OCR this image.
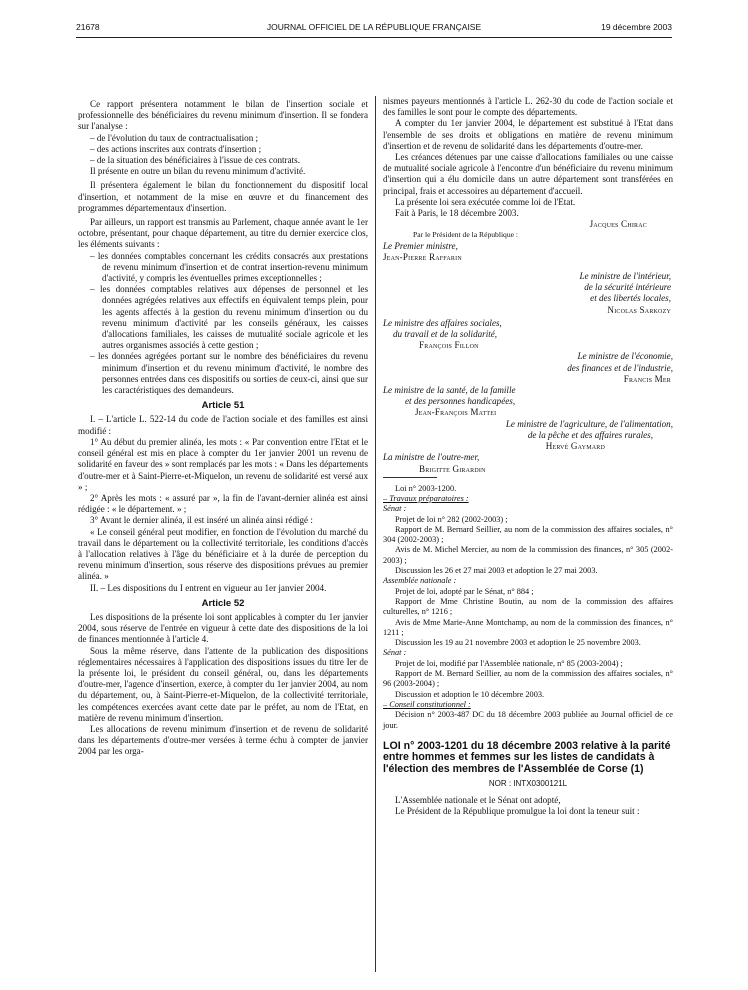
21678	JOURNAL OFFICIEL DE LA RÉPUBLIQUE FRANÇAISE	19 décembre 2003

Ce rapport présentera notamment le bilan de l'insertion sociale et professionnelle des bénéficiaires du revenu minimum d'insertion. Il se fondera sur l'analyse :

– de l'évolution du taux de contractualisation ;

– des actions inscrites aux contrats d'insertion ;

– de la situation des bénéficiaires à l'issue de ces contrats.

Il présente en outre un bilan du revenu minimum d'activité.

Il présentera également le bilan du fonctionnement du dispositif local d'insertion, et notamment de la mise en œuvre et du financement des programmes départementaux d'insertion.

Par ailleurs, un rapport est transmis au Parlement, chaque année avant le 1er octobre, présentant, pour chaque département, au titre du dernier exercice clos, les éléments suivants :

– les données comptables concernant les crédits consacrés aux prestations de revenu minimum d'insertion et de contrat insertion-revenu minimum d'activité, y compris les éventuelles primes exceptionnelles ;

– les données comptables relatives aux dépenses de personnel et les données agrégées relatives aux effectifs en équivalent temps plein, pour les agents affectés à la gestion du revenu minimum d'insertion ou du revenu minimum d'activité par les conseils généraux, les caisses d'allocations familiales, les caisses de mutualité sociale agricole et les autres organismes associés à cette gestion ;

– les données agrégées portant sur le nombre des bénéficiaires du revenu minimum d'insertion et du revenu minimum d'activité, le nombre des personnes entrées dans ces dispositifs ou sorties de ceux-ci, ainsi que sur les caractéristiques des demandeurs.

Article 51

I. – L'article L. 522-14 du code de l'action sociale et des familles est ainsi modifié :

1° Au début du premier alinéa, les mots : « Par convention entre l'Etat et le conseil général est mis en place à compter du 1er janvier 2001 un revenu de solidarité en faveur des » sont remplacés par les mots : « Dans les départements d'outre-mer et à Saint-Pierre-et-Miquelon, un revenu de solidarité est versé aux » ;

2° Après les mots : « assuré par », la fin de l'avant-dernier alinéa est ainsi rédigée : « le département. » ;

3° Avant le dernier alinéa, il est inséré un alinéa ainsi rédigé :

« Le conseil général peut modifier, en fonction de l'évolution du marché du travail dans le département ou la collectivité territoriale, les conditions d'accès à l'allocation relatives à l'âge du bénéficiaire et à la durée de perception du revenu minimum d'insertion, sous réserve des dispositions prévues au premier alinéa. »

II. – Les dispositions du I entrent en vigueur au 1er janvier 2004.

Article 52

Les dispositions de la présente loi sont applicables à compter du 1er janvier 2004, sous réserve de l'entrée en vigueur à cette date des dispositions de la loi de finances mentionnée à l'article 4.

Sous la même réserve, dans l'attente de la publication des dispositions réglementaires nécessaires à l'application des dispositions issues du titre Ier de la présente loi, le président du conseil général, ou, dans les départements d'outre-mer, l'agence d'insertion, exerce, à compter du 1er janvier 2004, au nom du département, ou, à Saint-Pierre-et-Miquelon, de la collectivité territoriale, les compétences exercées avant cette date par le préfet, au nom de l'Etat, en matière de revenu minimum d'insertion.

Les allocations de revenu minimum d'insertion et de revenu de solidarité dans les départements d'outre-mer versées à terme échu à compter de janvier 2004 par les orga-

nismes payeurs mentionnés à l'article L. 262-30 du code de l'action sociale et des familles le sont pour le compte des départements.

A compter du 1er janvier 2004, le département est substitué à l'Etat dans l'ensemble de ses droits et obligations en matière de revenu minimum d'insertion et de revenu de solidarité dans les départements d'outre-mer.

Les créances détenues par une caisse d'allocations familiales ou une caisse de mutualité sociale agricole à l'encontre d'un bénéficiaire du revenu minimum d'insertion qui a élu domicile dans un autre département sont transférées en principal, frais et accessoires au département d'accueil.

La présente loi sera exécutée comme loi de l'Etat.

Fait à Paris, le 18 décembre 2003.

Jacques Chirac

Par le Président de la République :

Le Premier ministre,

Jean-Pierre Raffarin

Le ministre de l'intérieur,

de la sécurité intérieure

et des libertés locales,

Nicolas Sarkozy

Le ministre des affaires sociales,

du travail et de la solidarité,

François Fillon

Le ministre de l'économie,

des finances et de l'industrie,

Francis Mer

Le ministre de la santé, de la famille

et des personnes handicapées,

Jean-François Mattei

Le ministre de l'agriculture, de l'alimentation,

de la pêche et des affaires rurales,

Hervé Gaymard

La ministre de l'outre-mer,

Brigitte Girardin

Loi n° 2003-1200.

– Travaux préparatoires :

Sénat :

Projet de loi n° 282 (2002-2003) ;

Rapport de M. Bernard Seillier, au nom de la commission des affaires sociales, n° 304 (2002-2003) ;

Avis de M. Michel Mercier, au nom de la commission des finances, n° 305 (2002-2003) ;

Discussion les 26 et 27 mai 2003 et adoption le 27 mai 2003.

Assemblée nationale :

Projet de loi, adopté par le Sénat, n° 884 ;

Rapport de Mme Christine Boutin, au nom de la commission des affaires culturelles, n° 1216 ;

Avis de Mme Marie-Anne Montchamp, au nom de la commission des finances, n° 1211 ;

Discussion les 19 au 21 novembre 2003 et adoption le 25 novembre 2003.

Sénat :

Projet de loi, modifié par l'Assemblée nationale, n° 85 (2003-2004) ;

Rapport de M. Bernard Seillier, au nom de la commission des affaires sociales, n° 96 (2003-2004) ;

Discussion et adoption le 10 décembre 2003.

– Conseil constitutionnel :

Décision n° 2003-487 DC du 18 décembre 2003 publiée au Journal officiel de ce jour.

LOI n° 2003-1201 du 18 décembre 2003 relative à la parité entre hommes et femmes sur les listes de candidats à l'élection des membres de l'Assemblée de Corse (1)

NOR : INTX0300121L

L'Assemblée nationale et le Sénat ont adopté,

Le Président de la République promulgue la loi dont la teneur suit :
